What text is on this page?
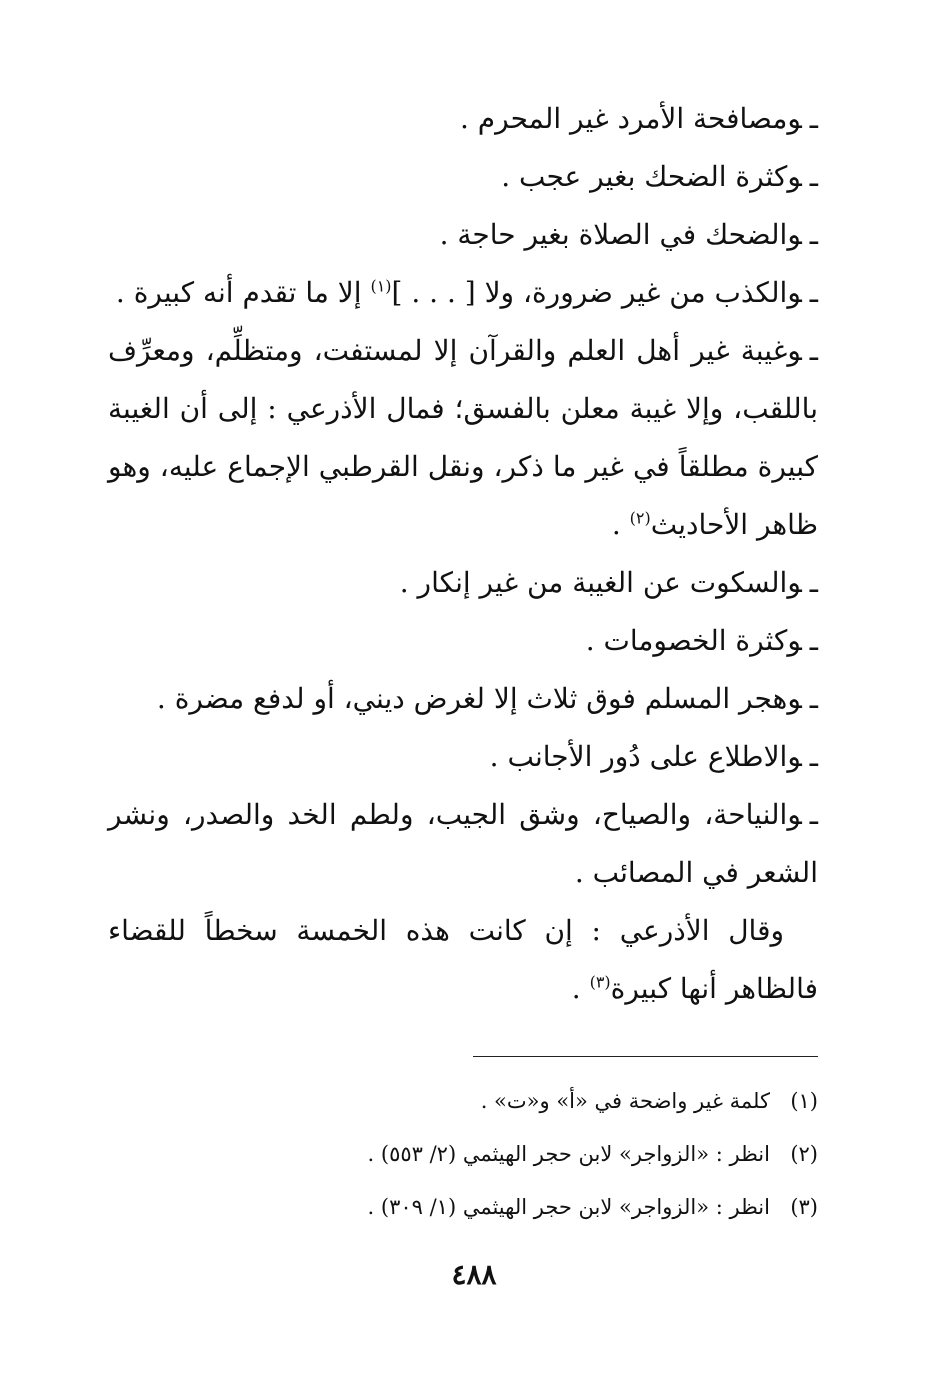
ـومصافحة الأمرد غير المحرم .

ـوكثرة الضحك بغير عجب .

ـوالضحك في الصلاة بغير حاجة .

ـوالكذب من غير ضرورة، ولا [ . . . ]$^{(١)}$ إلا ما تقدم أنه كبيرة .

ـوغيبة غير أهل العلم والقرآن إلا لمستفت، ومتظلِّم، ومعرِّف باللقب، وإلا غيبة معلن بالفسق؛ فمال الأذرعي : إلى أن الغيبة كبيرة مطلقاً في غير ما ذكر، ونقل القرطبي الإجماع عليه، وهو ظاهر الأحاديث$^{(٢)}$ .

ـوالسكوت عن الغيبة من غير إنكار .

ـوكثرة الخصومات .

ـوهجر المسلم فوق ثلاث إلا لغرض ديني، أو لدفع مضرة .

ـوالاطلاع على دُور الأجانب .

ـوالنياحة، والصياح، وشق الجيب، ولطم الخد والصدر، ونشر الشعر في المصائب .

وقال الأذرعي : إن كانت هذه الخمسة سخطاً للقضاء فالظاهر أنها كبيرة$^{(٣)}$ .

(١)كلمة غير واضحة في «أ» و«ت» .

(٢)انظر : «الزواجر» لابن حجر الهيثمي (٢/ ٥٥٣) .

(٣)انظر : «الزواجر» لابن حجر الهيثمي (١/ ٣٠٩) .

٤٨٨
